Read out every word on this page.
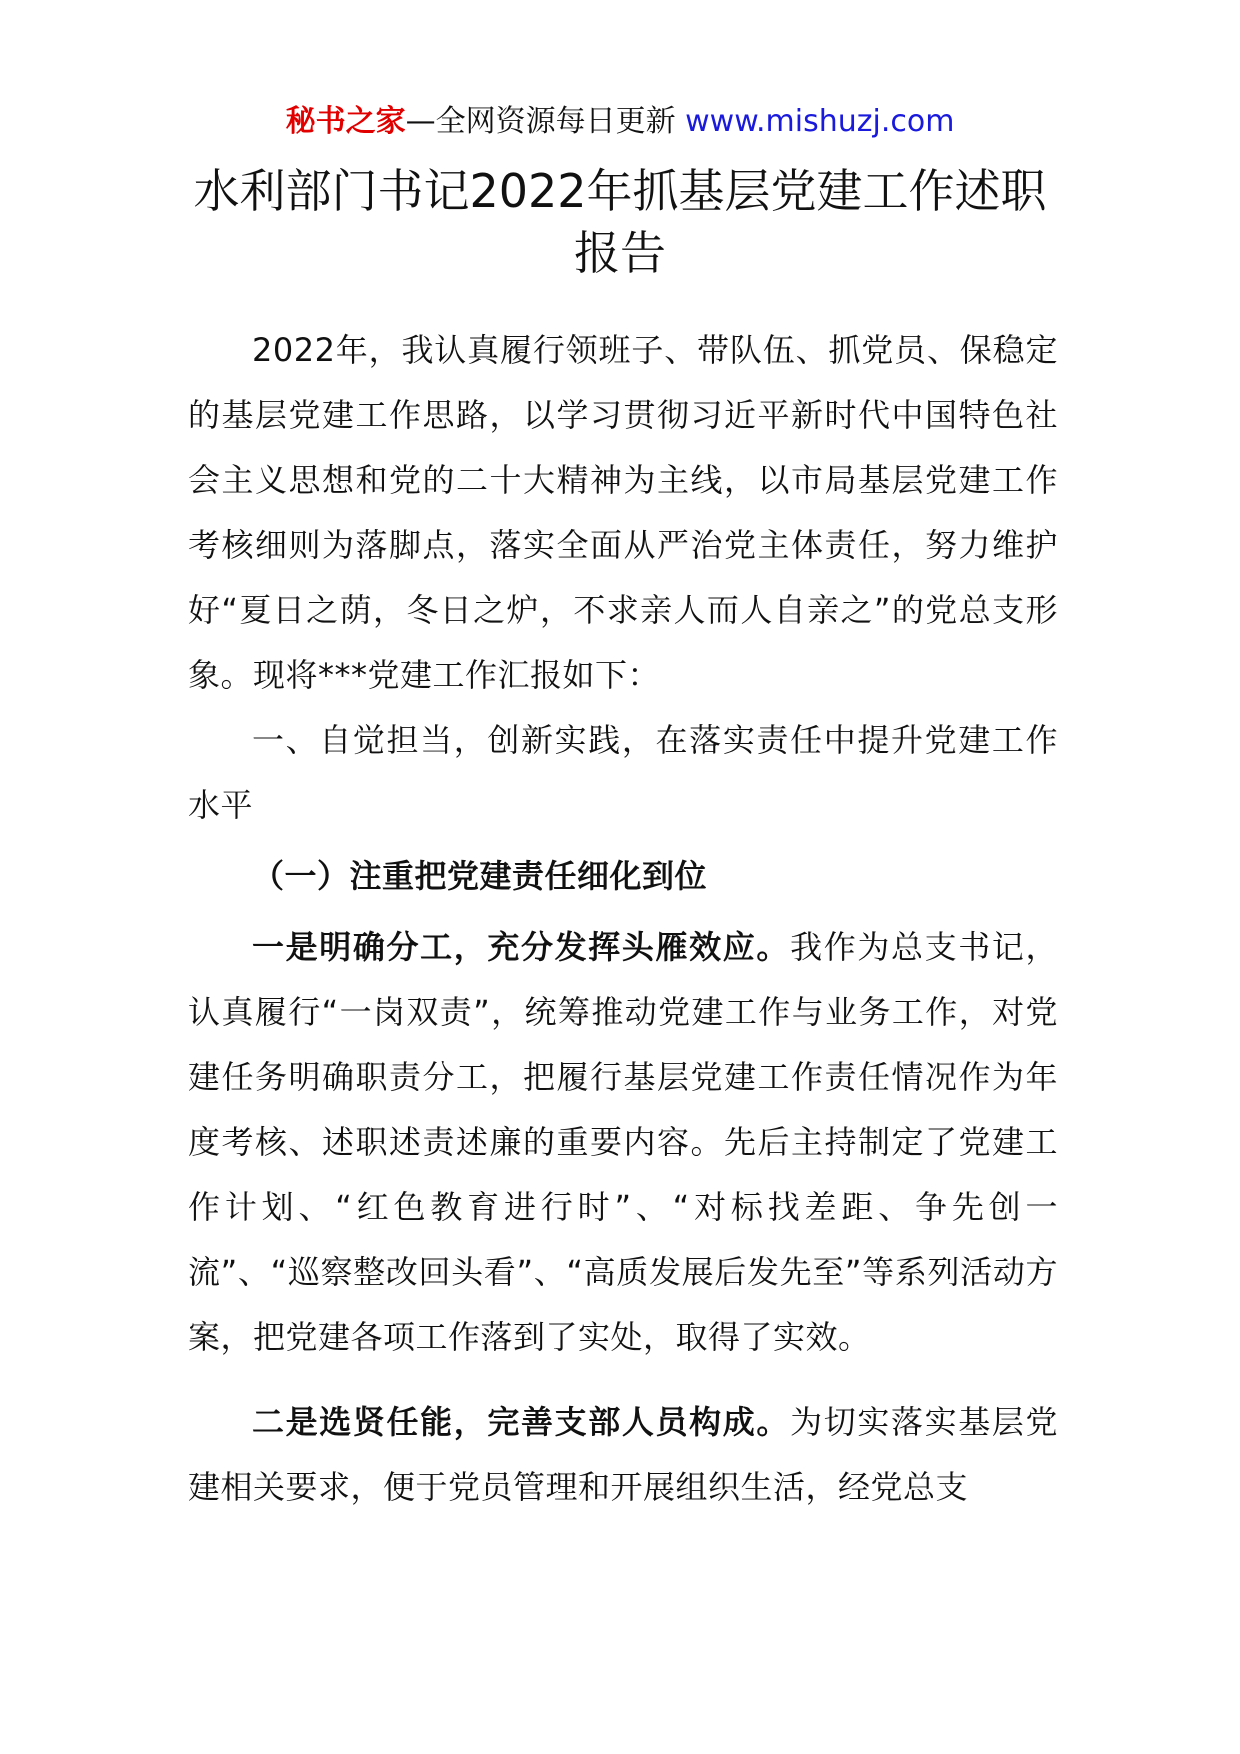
秘书之家—全网资源每日更新 www.mishuzj.com
水利部门书记2022年抓基层党建工作述职报告

2022年，我认真履行领班子、带队伍、抓党员、保稳定的基层党建工作思路，以学习贯彻习近平新时代中国特色社会主义思想和党的二十大精神为主线，以市局基层党建工作考核细则为落脚点，落实全面从严治党主体责任，努力维护好“夏日之荫，冬日之炉，不求亲人而人自亲之”的党总支形象。现将***党建工作汇报如下：

一、自觉担当，创新实践，在落实责任中提升党建工作水平

（一）注重把党建责任细化到位

一是明确分工，充分发挥头雁效应。我作为总支书记，认真履行“一岗双责”，统筹推动党建工作与业务工作，对党建任务明确职责分工，把履行基层党建工作责任情况作为年度考核、述职述责述廉的重要内容。先后主持制定了党建工作计划、“红色教育进行时”、“对标找差距、争先创一流”、“巡察整改回头看”、“高质发展后发先至”等系列活动方案，把党建各项工作落到了实处，取得了实效。

二是选贤任能，完善支部人员构成。为切实落实基层党建相关要求，便于党员管理和开展组织生活，经党总支
